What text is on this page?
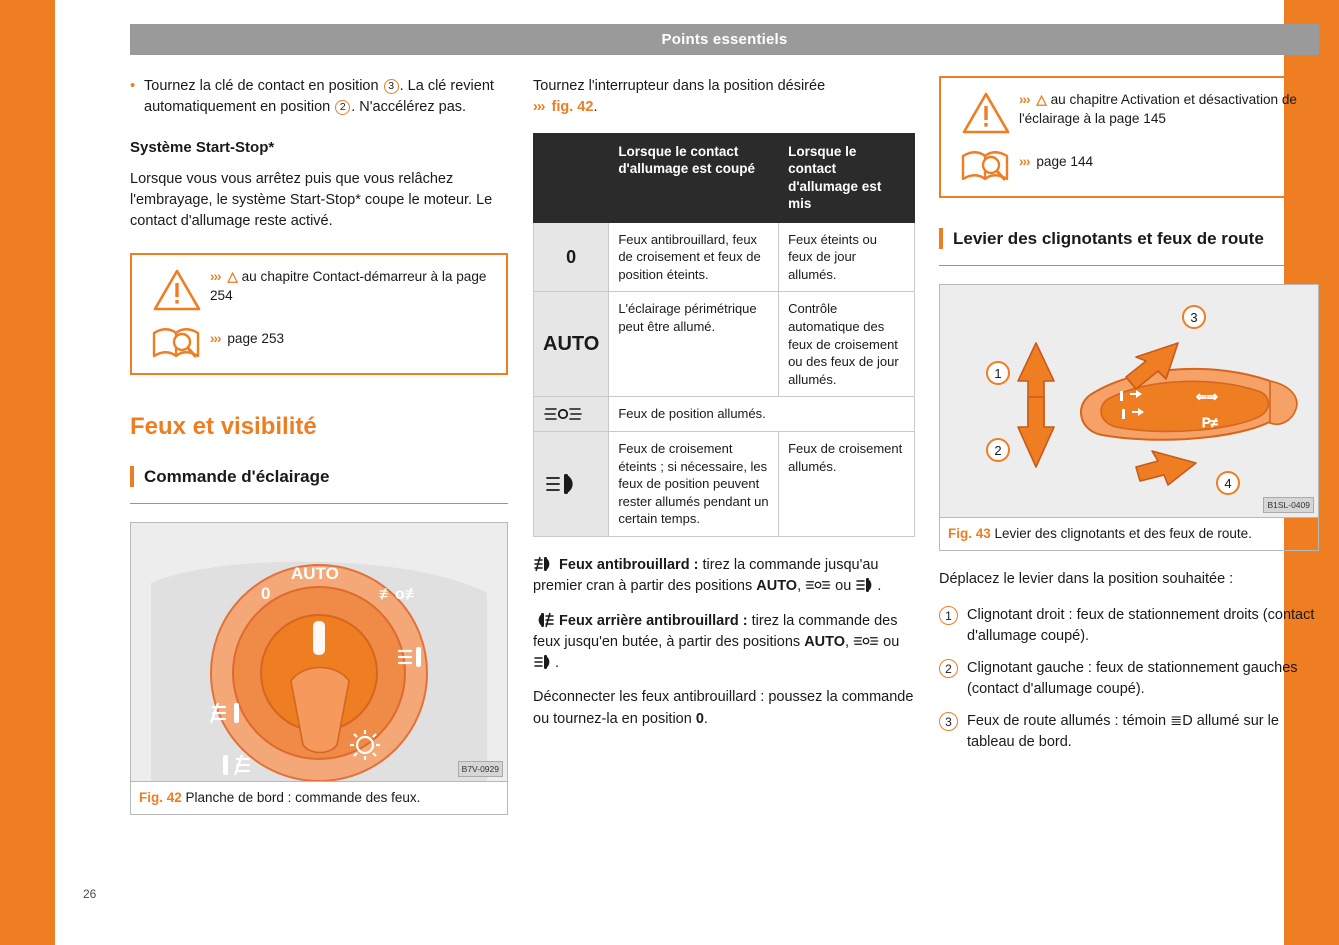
Points essentiels
26

• Tournez la clé de contact en position 3 . La clé revient automatiquement en position 2 . N'accélérez pas.

Système Start-Stop*

Lorsque vous vous arrêtez puis que vous relâchez l'embrayage, le système Start-Stop* coupe le moteur. Le contact d'allumage reste activé.

››› △ au chapitre Contact-démarreur à la page 254
››› page 253
Feux et visibilité
Commande d'éclairage
0
AUTO
≢o≢
B7V-0929
Fig. 42 Planche de bord : commande des feux.

Tournez l'interrupteur dans la position désirée
››› fig. 42.

	Lorsque le contact d'allumage est coupé	Lorsque le contact d'allumage est mis
0	Feux antibrouillard, feux de croisement et feux de position éteints.	Feux éteints ou feux de jour allumés.
AUTO	L'éclairage périmétrique peut être allumé.	Contrôle automatique des feux de croisement ou des feux de jour allumés.

	Feux de position allumés.	

	Feux de croisement éteints ; si nécessaire, les feux de position peuvent rester allumés pendant un certain temps.	Feux de croisement allumés.

Feux antibrouillard : tirez la commande jusqu'au premier cran à partir des positions AUTO, ou .

Feux arrière antibrouillard : tirez la commande des feux jusqu'en butée, à partir des positions AUTO,
ou
.

Déconnecter les feux antibrouillard : poussez la commande ou tournez-la en position 0.

››› △ au chapitre Activation et désactivation de l'éclairage à la page 145
››› page 144
Levier des clignotants et feux de route
⇐⇒
P≠
1
2
3
4
B1SL-0409
Fig. 43 Levier des clignotants et des feux de route.

Déplacez le levier dans la position souhaitée :

1	Clignotant droit : feux de stationnement droits (contact d'allumage coupé).
2	Clignotant gauche : feux de stationnement gauches (contact d'allumage coupé).
3	Feux de route allumés : témoin ≣D allumé sur le tableau de bord.
